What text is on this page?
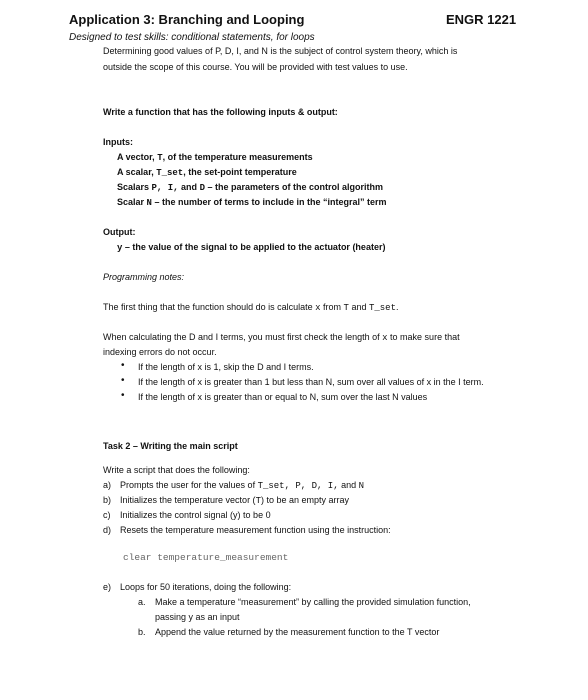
Application 3: Branching and Looping	ENGR 1221
Designed to test skills: conditional statements, for loops
Determining good values of P, D, I, and N is the subject of control system theory, which is
outside the scope of this course. You will be provided with test values to use.
Write a function that has the following inputs & output:
Inputs:
A vector, T, of the temperature measurements
A scalar, T_set, the set-point temperature
Scalars P, I, and D – the parameters of the control algorithm
Scalar N – the number of terms to include in the “integral” term
Output:
y – the value of the signal to be applied to the actuator (heater)
Programming notes:
The first thing that the function should do is calculate x from T and T_set.
When calculating the D and I terms, you must first check the length of x to make sure that
indexing errors do not occur.
• If the length of x is 1, skip the D and I terms.
• If the length of x is greater than 1 but less than N, sum over all values of x in the I term.
• If the length of x is greater than or equal to N, sum over the last N values
Task 2 – Writing the main script
Write a script that does the following:
a) Prompts the user for the values of T_set, P, D, I, and N
b) Initializes the temperature vector (T) to be an empty array
c) Initializes the control signal (y) to be 0
d) Resets the temperature measurement function using the instruction:
clear temperature_measurement
e) Loops for 50 iterations, doing the following:
a. Make a temperature “measurement” by calling the provided simulation function,
passing y as an input
b. Append the value returned by the measurement function to the T vector
